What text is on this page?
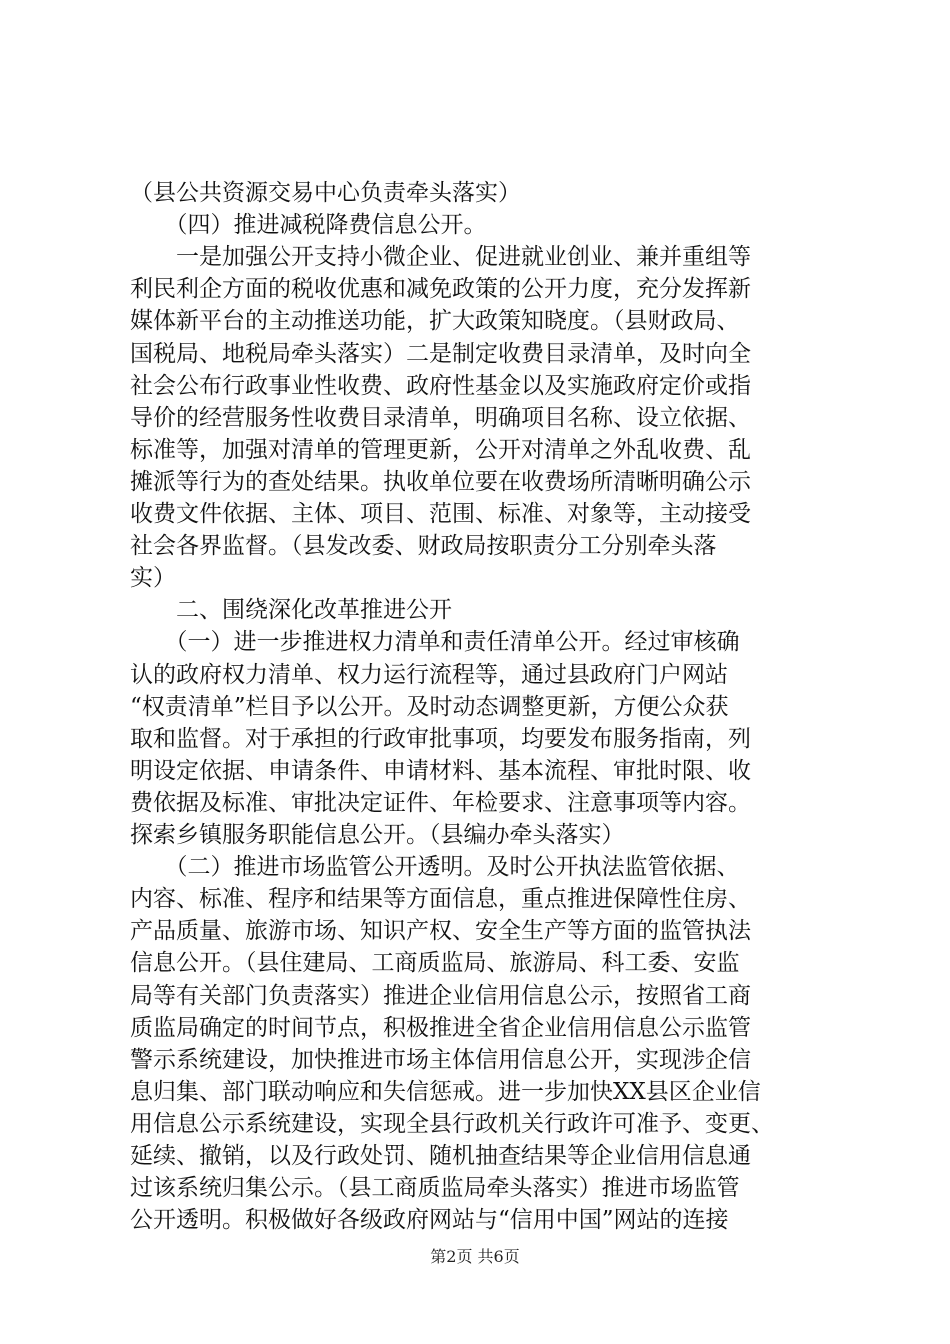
（县公共资源交易中心负责牵头落实）
　　（四）推进减税降费信息公开。
　　一是加强公开支持小微企业、促进就业创业、兼并重组等
利民利企方面的税收优惠和减免政策的公开力度，充分发挥新
媒体新平台的主动推送功能，扩大政策知晓度。（县财政局、
国税局、地税局牵头落实）二是制定收费目录清单，及时向全
社会公布行政事业性收费、政府性基金以及实施政府定价或指
导价的经营服务性收费目录清单，明确项目名称、设立依据、
标准等，加强对清单的管理更新，公开对清单之外乱收费、乱
摊派等行为的查处结果。执收单位要在收费场所清晰明确公示
收费文件依据、主体、项目、范围、标准、对象等，主动接受
社会各界监督。（县发改委、财政局按职责分工分别牵头落
实）
　　二、围绕深化改革推进公开
　　（一）进一步推进权力清单和责任清单公开。经过审核确
认的政府权力清单、权力运行流程等，通过县政府门户网站
“权责清单”栏目予以公开。及时动态调整更新，方便公众获
取和监督。对于承担的行政审批事项，均要发布服务指南，列
明设定依据、申请条件、申请材料、基本流程、审批时限、收
费依据及标准、审批决定证件、年检要求、注意事项等内容。
探索乡镇服务职能信息公开。（县编办牵头落实）
　　（二）推进市场监管公开透明。及时公开执法监管依据、
内容、标准、程序和结果等方面信息，重点推进保障性住房、
产品质量、旅游市场、知识产权、安全生产等方面的监管执法
信息公开。（县住建局、工商质监局、旅游局、科工委、安监
局等有关部门负责落实）推进企业信用信息公示，按照省工商
质监局确定的时间节点，积极推进全省企业信用信息公示监管
警示系统建设，加快推进市场主体信用信息公开，实现涉企信
息归集、部门联动响应和失信惩戒。进一步加快XX县区企业信
用信息公示系统建设，实现全县行政机关行政许可准予、变更、
延续、撤销，以及行政处罚、随机抽查结果等企业信用信息通
过该系统归集公示。（县工商质监局牵头落实）推进市场监管
公开透明。积极做好各级政府网站与“信用中国”网站的连接
第2页 共6页
